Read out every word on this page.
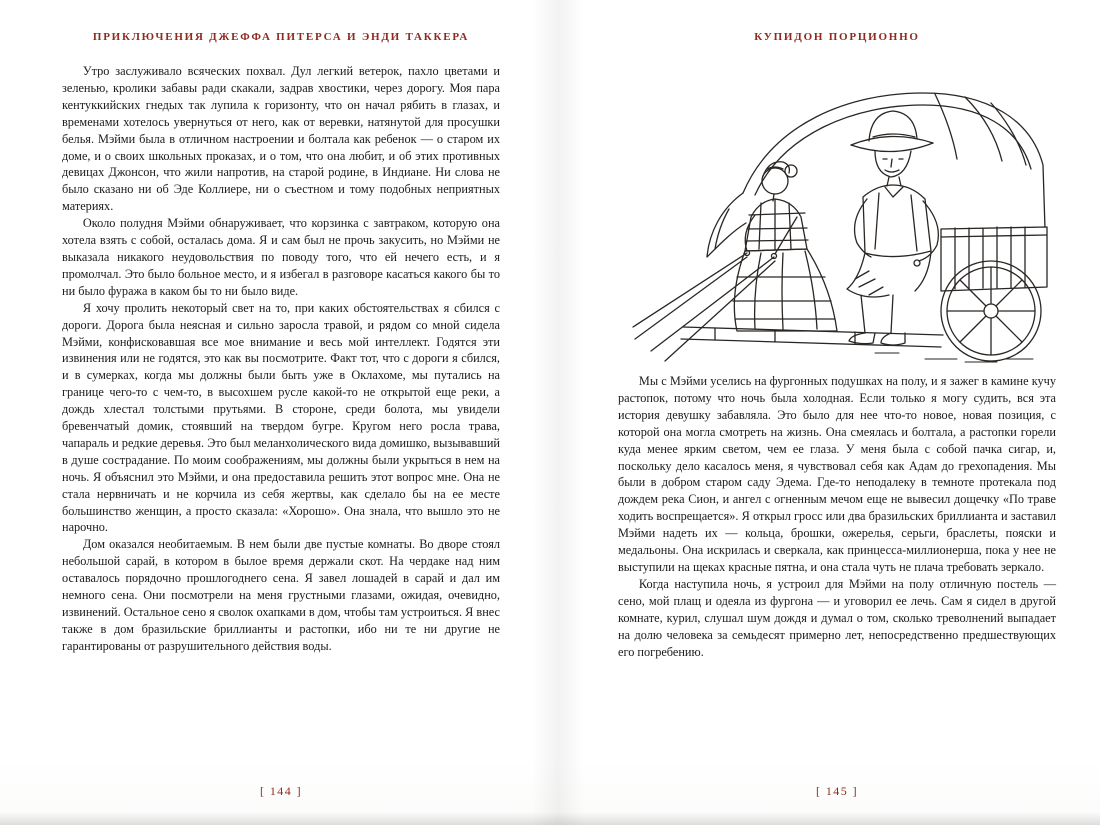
ПРИКЛЮЧЕНИЯ ДЖЕФФА ПИТЕРСА И ЭНДИ ТАККЕРА

Утро заслуживало всяческих похвал. Дул легкий ветерок, пахло цветами и зеленью, кролики забавы ради скакали, задрав хвостики, через дорогу. Моя пара кентуккийских гнедых так лупила к горизонту, что он начал рябить в глазах, и временами хотелось увернуться от него, как от веревки, натянутой для просушки белья. Мэйми была в отличном настроении и болтала как ребенок — о старом их доме, и о своих школьных проказах, и о том, что она любит, и об этих противных девицах Джонсон, что жили напротив, на старой родине, в Индиане. Ни слова не было сказано ни об Эде Коллиере, ни о съестном и тому подобных неприятных материях.

Около полудня Мэйми обнаруживает, что корзинка с завтраком, которую она хотела взять с собой, осталась дома. Я и сам был не прочь закусить, но Мэйми не выказала никакого неудовольствия по поводу того, что ей нечего есть, и я промолчал. Это было больное место, и я избегал в разговоре касаться какого бы то ни было фуража в каком бы то ни было виде.

Я хочу пролить некоторый свет на то, при каких обстоятельствах я сбился с дороги. Дорога была неясная и сильно заросла травой, и рядом со мной сидела Мэйми, конфисковавшая все мое внимание и весь мой интеллект. Годятся эти извинения или не годятся, это как вы посмотрите. Факт тот, что с дороги я сбился, и в сумерках, когда мы должны были быть уже в Оклахоме, мы путались на границе чего-то с чем-то, в высохшем русле какой-то не открытой еще реки, а дождь хлестал толстыми прутьями. В стороне, среди болота, мы увидели бревенчатый домик, стоявший на твердом бугре. Кругом него росла трава, чапараль и редкие деревья. Это был меланхолического вида домишко, вызывавший в душе сострадание. По моим соображениям, мы должны были укрыться в нем на ночь. Я объяснил это Мэйми, и она предоставила решить этот вопрос мне. Она не стала нервничать и не корчила из себя жертвы, как сделало бы на ее месте большинство женщин, а просто сказала: «Хорошо». Она знала, что вышло это не нарочно.

Дом оказался необитаемым. В нем были две пустые комнаты. Во дворе стоял небольшой сарай, в котором в былое время держали скот. На чердаке над ним оставалось порядочно прошлогоднего сена. Я завел лошадей в сарай и дал им немного сена. Они посмотрели на меня грустными глазами, ожидая, очевидно, извинений. Остальное сено я сволок охапками в дом, чтобы там устроиться. Я внес также в дом бразильские бриллианты и растопки, ибо ни те ни другие не гарантированы от разрушительного действия воды.

[ 144 ]
КУПИДОН ПОРЦИОННО

Мы с Мэйми уселись на фургонных подушках на полу, и я зажег в камине кучу растопок, потому что ночь была холодная. Если только я могу судить, вся эта история девушку забавляла. Это было для нее что-то новое, новая позиция, с которой она могла смотреть на жизнь. Она смеялась и болтала, а растопки горели куда менее ярким светом, чем ее глаза. У меня была с собой пачка сигар, и, поскольку дело касалось меня, я чувствовал себя как Адам до грехопадения. Мы были в добром старом саду Эдема. Где-то неподалеку в темноте протекала под дождем река Сион, и ангел с огненным мечом еще не вывесил дощечку «По траве ходить воспрещается». Я открыл гросс или два бразильских бриллианта и заставил Мэйми надеть их — кольца, брошки, ожерелья, серьги, браслеты, пояски и медальоны. Она искрилась и сверкала, как принцесса-миллионерша, пока у нее не выступили на щеках красные пятна, и она стала чуть не плача требовать зеркало.

Когда наступила ночь, я устроил для Мэйми на полу отличную постель — сено, мой плащ и одеяла из фургона — и уговорил ее лечь. Сам я сидел в другой комнате, курил, слушал шум дождя и думал о том, сколько треволнений выпадает на долю человека за семьдесят примерно лет, непосредственно предшествующих его погребению.

[ 145 ]
